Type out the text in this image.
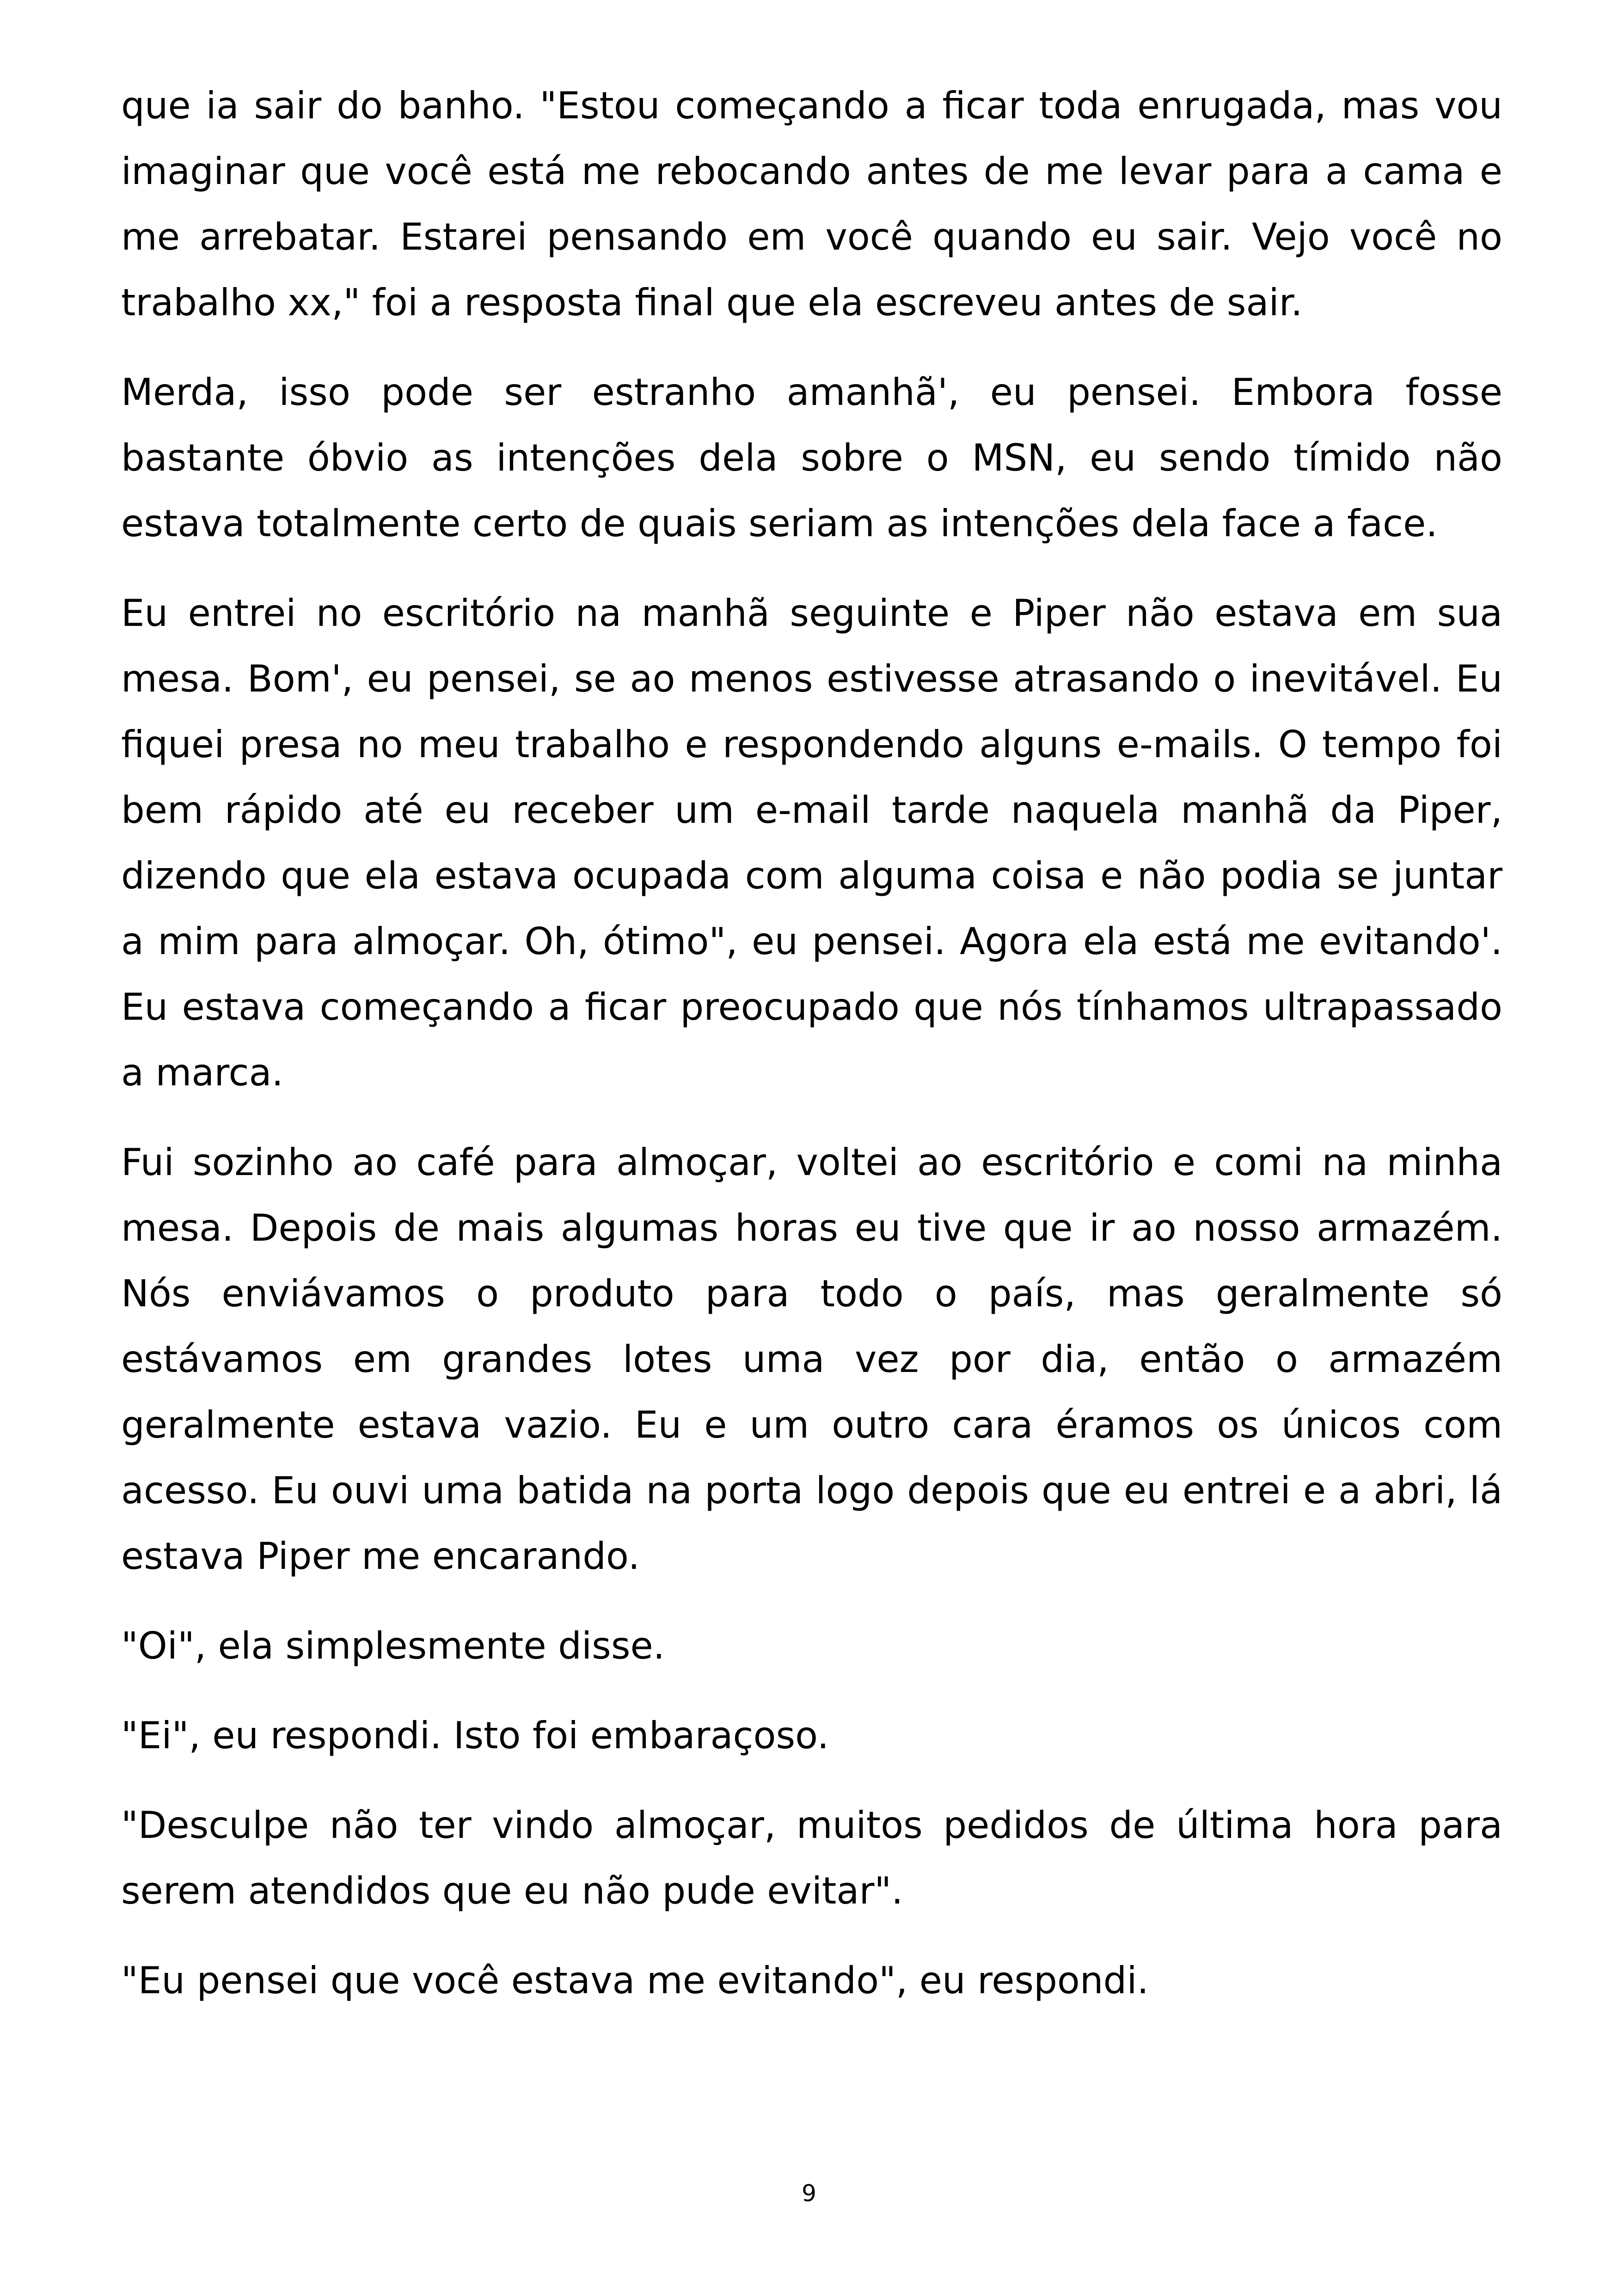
que ia sair do banho. "Estou começando a ficar toda enrugada, mas vou imaginar que você está me rebocando antes de me levar para a cama e me arrebatar. Estarei pensando em você quando eu sair. Vejo você no trabalho xx," foi a resposta final que ela escreveu antes de sair.

Merda, isso pode ser estranho amanhã', eu pensei. Embora fosse bastante óbvio as intenções dela sobre o MSN, eu sendo tímido não estava totalmente certo de quais seriam as intenções dela face a face.

Eu entrei no escritório na manhã seguinte e Piper não estava em sua mesa. Bom', eu pensei, se ao menos estivesse atrasando o inevitável. Eu fiquei presa no meu trabalho e respondendo alguns e-mails. O tempo foi bem rápido até eu receber um e-mail tarde naquela manhã da Piper, dizendo que ela estava ocupada com alguma coisa e não podia se juntar a mim para almoçar. Oh, ótimo", eu pensei. Agora ela está me evitando'. Eu estava começando a ficar preocupado que nós tínhamos ultrapassado a marca.

Fui sozinho ao café para almoçar, voltei ao escritório e comi na minha mesa. Depois de mais algumas horas eu tive que ir ao nosso armazém. Nós enviávamos o produto para todo o país, mas geralmente só estávamos em grandes lotes uma vez por dia, então o armazém geralmente estava vazio. Eu e um outro cara éramos os únicos com acesso. Eu ouvi uma batida na porta logo depois que eu entrei e a abri, lá estava Piper me encarando.

"Oi", ela simplesmente disse.

"Ei", eu respondi. Isto foi embaraçoso.

"Desculpe não ter vindo almoçar, muitos pedidos de última hora para serem atendidos que eu não pude evitar".

"Eu pensei que você estava me evitando", eu respondi.

9
